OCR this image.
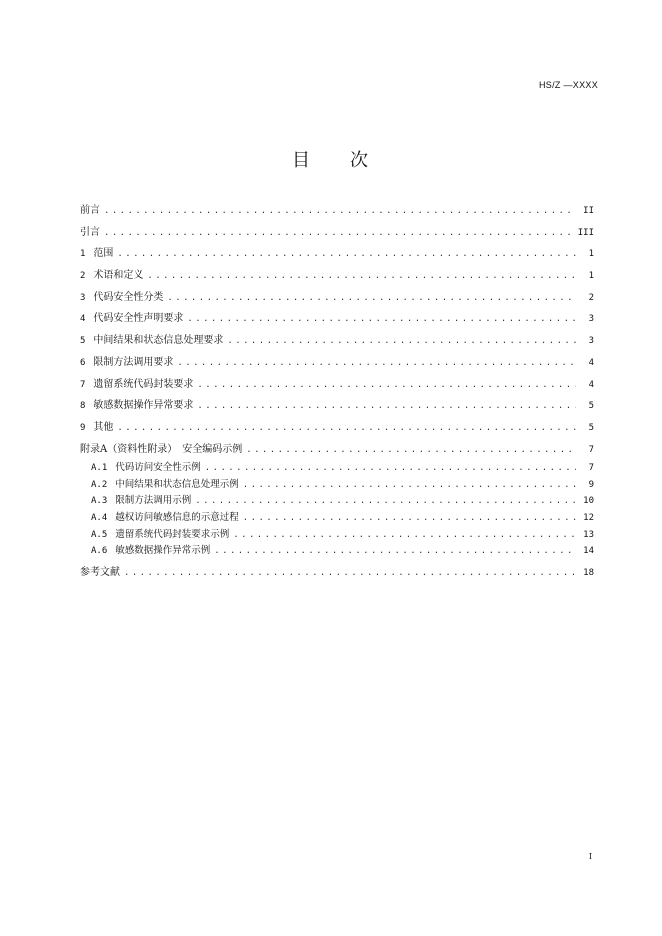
HS/Z —XXXX
目 次
前言 . . .	II
引言 . . .	III
1 范围 . . .	1
2 术语和定义 . . .	1
3 代码安全性分类 . . .	2
4 代码安全性声明要求 . . .	3
5 中间结果和状态信息处理要求 . . .	3
6 限制方法调用要求 . . .	4
7 遗留系统代码封装要求 . . .	4
8 敏感数据操作异常要求 . . .	5
9 其他 . . .	5
附录A（资料性附录）　安全编码示例 . . .	7
A.1 代码访问安全性示例 . . .	7
A.2 中间结果和状态信息处理示例 . . .	9
A.3 限制方法调用示例 . . .	10
A.4 越权访问敏感信息的示意过程 . . .	12
A.5 遗留系统代码封装要求示例 . . .	13
A.6 敏感数据操作异常示例 . . .	14
参考文献 . . .	18
I
